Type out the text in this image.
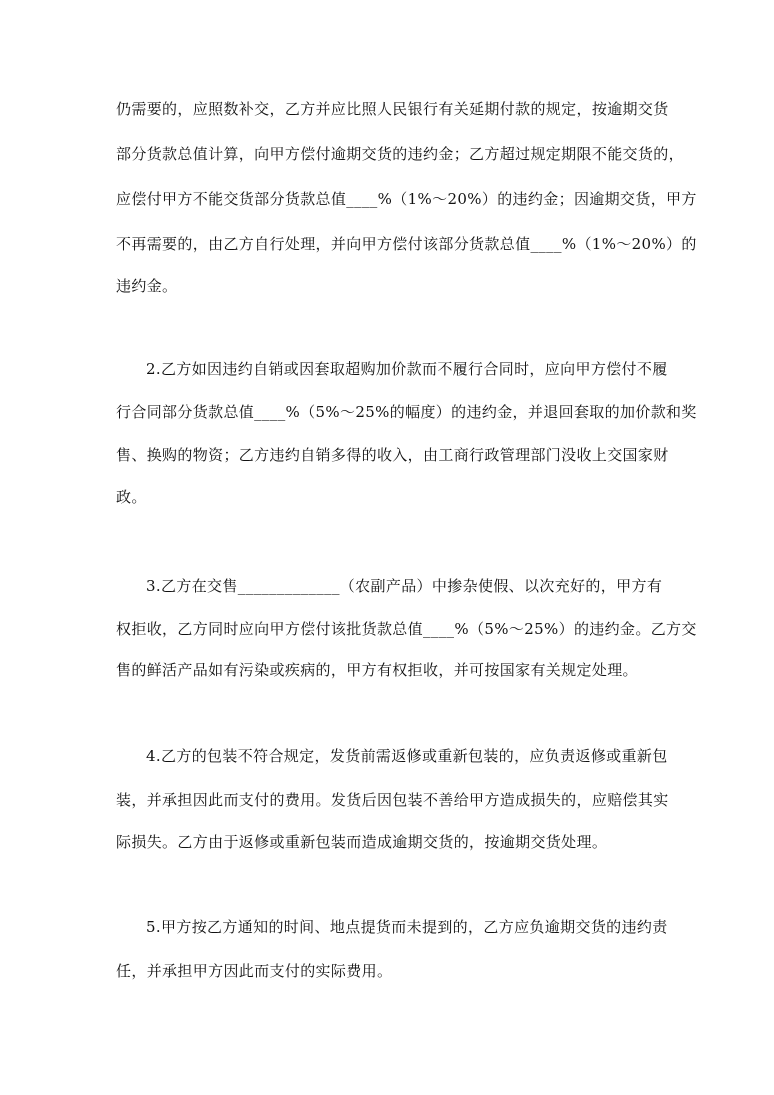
仍需要的，应照数补交，乙方并应比照人民银行有关延期付款的规定，按逾期交货
部分货款总值计算，向甲方偿付逾期交货的违约金；乙方超过规定期限不能交货的，
应偿付甲方不能交货部分货款总值____%（1%～20%）的违约金；因逾期交货，甲方
不再需要的，由乙方自行处理，并向甲方偿付该部分货款总值____%（1%～20%）的
违约金。
2.乙方如因违约自销或因套取超购加价款而不履行合同时，应向甲方偿付不履
行合同部分货款总值____%（5%～25%的幅度）的违约金，并退回套取的加价款和奖
售、换购的物资；乙方违约自销多得的收入，由工商行政管理部门没收上交国家财
政。
3.乙方在交售_____________（农副产品）中掺杂使假、以次充好的，甲方有
权拒收，乙方同时应向甲方偿付该批货款总值____%（5%～25%）的违约金。乙方交
售的鲜活产品如有污染或疾病的，甲方有权拒收，并可按国家有关规定处理。
4.乙方的包装不符合规定，发货前需返修或重新包装的，应负责返修或重新包
装，并承担因此而支付的费用。发货后因包装不善给甲方造成损失的，应赔偿其实
际损失。乙方由于返修或重新包装而造成逾期交货的，按逾期交货处理。
5.甲方按乙方通知的时间、地点提货而未提到的，乙方应负逾期交货的违约责
任，并承担甲方因此而支付的实际费用。
